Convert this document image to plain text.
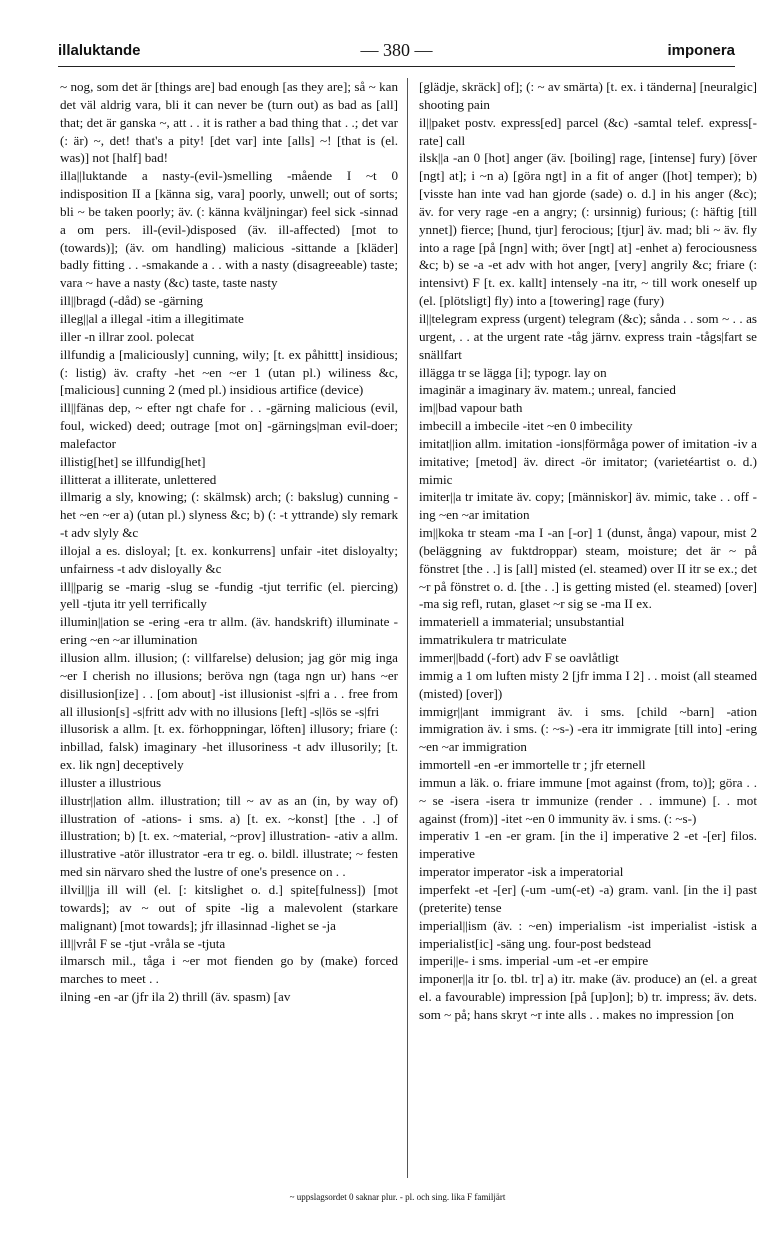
illaluktande	— 380 —	imponera

~ nog, som det är [things are] bad enough [as they are]; så ~ kan det väl aldrig vara, bli it can never be (turn out) as bad as [all] that; det är ganska ~, att . . it is rather a bad thing that . .; det var (: är) ~, det! that's a pity! [det var] inte [alls] ~! [that is (el. was)] not [half] bad!

illa||luktande a nasty-(evil-)smelling -mående I ~t 0 indisposition II a [känna sig, vara] poorly, unwell; out of sorts; bli ~ be taken poorly; äv. (: känna kväljningar) feel sick -sinnad a om pers. ill-(evil-)disposed (äv. ill-affected) [mot to (towards)]; (äv. om handling) malicious -sittande a [kläder] badly fitting . . -smakande a . . with a nasty (disagreeable) taste; vara ~ have a nasty (&c) taste, taste nasty

ill||bragd (-dåd) se -gärning

illeg||al a illegal -itim a illegitimate

iller -n illrar zool. polecat

illfundig a [maliciously] cunning, wily; [t. ex påhittt] insidious; (: listig) äv. crafty -het ~en ~er 1 (utan pl.) wiliness &c, [malicious] cunning 2 (med pl.) insidious artifice (device)

ill||fänas dep, ~ efter ngt chafe for . . -gärning malicious (evil, foul, wicked) deed; outrage [mot on] -gärnings|man evil-doer; malefactor

illistig[het] se illfundig[het]

illitterat a illiterate, unlettered

illmarig a sly, knowing; (: skälmsk) arch; (: bakslug) cunning -het ~en ~er a) (utan pl.) slyness &c; b) (: -t yttrande) sly remark -t adv slyly &c

illojal a es. disloyal; [t. ex. konkurrens] unfair -itet disloyalty; unfairness -t adv disloyally &c

ill||parig se -marig -slug se -fundig -tjut terrific (el. piercing) yell -tjuta itr yell terrifically

illumin||ation se -ering -era tr allm. (äv. handskrift) illuminate -ering ~en ~ar illumination

illusion allm. illusion; (: villfarelse) delusion; jag gör mig inga ~er I cherish no illusions; beröva ngn (taga ngn ur) hans ~er disillusion[ize] . . [om about] -ist illusionist -s|fri a . . free from all illusion[s] -s|fritt adv with no illusions [left] -s|lös se -s|fri

illusorisk a allm. [t. ex. förhoppningar, löften] illusory; friare (: inbillad, falsk) imaginary -het illusoriness -t adv illusorily; [t. ex. lik ngn] deceptively

illuster a illustrious

illustr||ation allm. illustration; till ~ av as an (in, by way of) illustration of -ations- i sms. a) [t. ex. ~konst] [the . .] of illustration; b) [t. ex. ~material, ~prov] illustration- -ativ a allm. illustrative -atör illustrator -era tr eg. o. bildl. illustrate; ~ festen med sin närvaro shed the lustre of one's presence on . .

illvil||ja ill will (el. [: kitslighet o. d.] spite[fulness]) [mot towards]; av ~ out of spite -lig a malevolent (starkare malignant) [mot towards]; jfr illasinnad -lighet se -ja

ill||vrål F se -tjut -vråla se -tjuta

ilmarsch mil., tåga i ~er mot fienden go by (make) forced marches to meet . .

ilning -en -ar (jfr ila 2) thrill (äv. spasm) [av

[glädje, skräck] of]; (: ~ av smärta) [t. ex. i tänderna] [neuralgic] shooting pain

il||paket postv. express[ed] parcel (&c) -samtal telef. express[-rate] call

ilsk||a -an 0 [hot] anger (äv. [boiling] rage, [intense] fury) [över [ngt] at]; i ~n a) [göra ngt] in a fit of anger ([hot] temper); b) [visste han inte vad han gjorde (sade) o. d.] in his anger (&c); äv. for very rage -en a angry; (: ursinnig) furious; (: häftig [till ynnet]) fierce; [hund, tjur] ferocious; [tjur] äv. mad; bli ~ äv. fly into a rage [på [ngn] with; över [ngt] at] -enhet a) ferociousness &c; b) se -a -et adv with hot anger, [very] angrily &c; friare (: intensivt) F [t. ex. kallt] intensely -na itr, ~ till work oneself up (el. [plötsligt] fly) into a [towering] rage (fury)

il||telegram express (urgent) telegram (&c); sånda . . som ~ . . as urgent, . . at the urgent rate -tåg järnv. express train -tågs|fart se snällfart

illägga tr se lägga [i]; typogr. lay on

imaginär a imaginary äv. matem.; unreal, fancied

im||bad vapour bath

imbecill a imbecile -itet ~en 0 imbecility

imitat||ion allm. imitation -ions|förmåga power of imitation -iv a imitative; [metod] äv. direct -ör imitator; (varietéartist o. d.) mimic

imiter||a tr imitate äv. copy; [människor] äv. mimic, take . . off -ing ~en ~ar imitation

im||koka tr steam -ma I -an [-or] 1 (dunst, ånga) vapour, mist 2 (beläggning av fuktdroppar) steam, moisture; det är ~ på fönstret [the . .] is [all] misted (el. steamed) over II itr se ex.; det ~r på fönstret o. d. [the . .] is getting misted (el. steamed) [over] -ma sig refl, rutan, glaset ~r sig se -ma II ex.

immateriell a immaterial; unsubstantial

immatrikulera tr matriculate

immer||badd (-fort) adv F se oavlåtligt

immig a 1 om luften misty 2 [jfr imma I 2] . . moist (all steamed (misted) [over])

immigr||ant immigrant äv. i sms. [child ~barn] -ation immigration äv. i sms. (: ~s-) -era itr immigrate [till into] -ering ~en ~ar immigration

immortell -en -er immortelle tr ; jfr eternell

immun a läk. o. friare immune [mot against (from, to)]; göra . . ~ se -isera -isera tr immunize (render . . immune) [. . mot against (from)] -itet ~en 0 immunity äv. i sms. (: ~s-)

imperativ 1 -en -er gram. [in the i] imperative 2 -et -[er] filos. imperative

imperator imperator -isk a imperatorial

imperfekt -et -[er] (-um -um(-et) -a) gram. vanl. [in the i] past (preterite) tense

imperial||ism (äv. : ~en) imperialism -ist imperialist -istisk a imperialist[ic] -säng ung. four-post bedstead

imperi||e- i sms. imperial -um -et -er empire

imponer||a itr [o. tbl. tr] a) itr. make (äv. produce) an (el. a great el. a favourable) impression [på [up]on]; b) tr. impress; äv. dets. som ~ på; hans skryt ~r inte alls . . makes no impression [on

~ uppslagsordet 0 saknar plur. - pl. och sing. lika F familjärt
